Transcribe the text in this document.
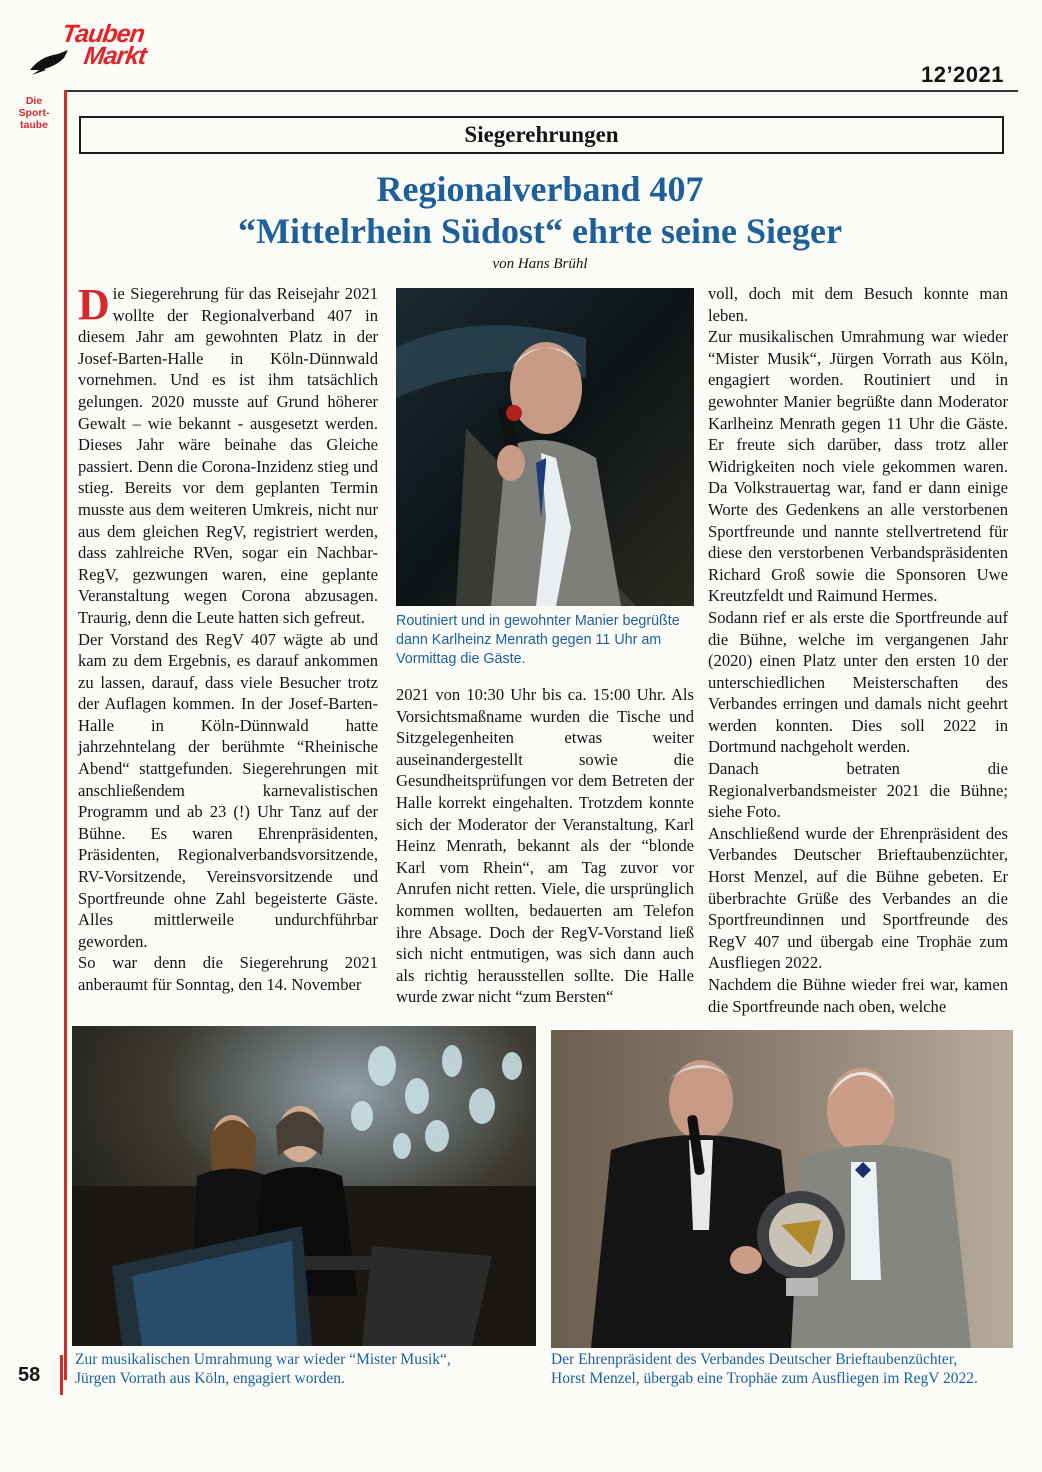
Tauben
Markt
Die Sport-taube
12’2021
Siegerehrungen
Regionalverband 407
“Mittelrhein Südost“ ehrte seine Sieger
von Hans Brühl

Die Siegerehrung für das Reisejahr 2021 wollte der Regionalverband 407 in diesem Jahr am gewohnten Platz in der Josef-Barten-Halle in Köln-Dünnwald vornehmen. Und es ist ihm tatsächlich gelungen. 2020 musste auf Grund höherer Gewalt – wie bekannt - ausgesetzt werden. Dieses Jahr wäre beinahe das Gleiche passiert. Denn die Corona-Inzidenz stieg und stieg. Bereits vor dem geplanten Termin musste aus dem weiteren Umkreis, nicht nur aus dem gleichen RegV, registriert werden, dass zahlreiche RVen, sogar ein Nachbar-RegV, gezwungen waren, eine geplante Veranstaltung wegen Corona abzusagen. Traurig, denn die Leute hatten sich gefreut.

Der Vorstand des RegV 407 wägte ab und kam zu dem Ergebnis, es darauf ankommen zu lassen, darauf, dass viele Besucher trotz der Auflagen kommen. In der Josef-Barten-Halle in Köln-Dünnwald hatte jahrzehntelang der berühmte “Rheinische Abend“ stattgefunden. Siegerehrungen mit anschließendem karnevalistischen Programm und ab 23 (!) Uhr Tanz auf der Bühne. Es waren Ehrenpräsidenten, Präsidenten, Regionalverbandsvorsitzende, RV-Vorsitzende, Vereinsvorsitzende und Sportfreunde ohne Zahl begeisterte Gäste. Alles mittlerweile undurchführbar geworden.

So war denn die Siegerehrung 2021 anberaumt für Sonntag, den 14. November

Routiniert und in gewohnter Manier begrüßte dann Karlheinz Menrath gegen 11 Uhr am Vormittag die Gäste.

2021 von 10:30 Uhr bis ca. 15:00 Uhr. Als Vorsichtsmaßname wurden die Tische und Sitzgelegenheiten etwas weiter auseinandergestellt sowie die Gesundheitsprüfungen vor dem Betreten der Halle korrekt eingehalten. Trotzdem konnte sich der Moderator der Veranstaltung, Karl Heinz Menrath, bekannt als der “blonde Karl vom Rhein“, am Tag zuvor vor Anrufen nicht retten. Viele, die ursprünglich kommen wollten, bedauerten am Telefon ihre Absage. Doch der RegV-Vorstand ließ sich nicht entmutigen, was sich dann auch als richtig herausstellen sollte. Die Halle wurde zwar nicht “zum Bersten“

voll, doch mit dem Besuch konnte man leben.

Zur musikalischen Umrahmung war wieder “Mister Musik“, Jürgen Vorrath aus Köln, engagiert worden. Routiniert und in gewohnter Manier begrüßte dann Moderator Karlheinz Menrath gegen 11 Uhr die Gäste. Er freute sich darüber, dass trotz aller Widrigkeiten noch viele gekommen waren. Da Volkstrauertag war, fand er dann einige Worte des Gedenkens an alle verstorbenen Sportfreunde und nannte stellvertretend für diese den verstorbenen Verbandspräsidenten Richard Groß sowie die Sponsoren Uwe Kreutzfeldt und Raimund Hermes.

Sodann rief er als erste die Sportfreunde auf die Bühne, welche im vergangenen Jahr (2020) einen Platz unter den ersten 10 der unterschiedlichen Meisterschaften des Verbandes erringen und damals nicht geehrt werden konnten. Dies soll 2022 in Dortmund nachgeholt werden.

Danach betraten die Regionalverbandsmeister 2021 die Bühne; siehe Foto.

Anschließend wurde der Ehrenpräsident des Verbandes Deutscher Brieftaubenzüchter, Horst Menzel, auf die Bühne gebeten. Er überbrachte Grüße des Verbandes an die Sportfreundinnen und Sportfreunde des RegV 407 und übergab eine Trophäe zum Ausfliegen 2022.

Nachdem die Bühne wieder frei war, kamen die Sportfreunde nach oben, welche

58
Zur musikalischen Umrahmung war wieder “Mister Musik“,
Jürgen Vorrath aus Köln, engagiert worden.
Der Ehrenpräsident des Verbandes Deutscher Brieftaubenzüchter,
Horst Menzel, übergab eine Trophäe zum Ausfliegen im RegV 2022.
